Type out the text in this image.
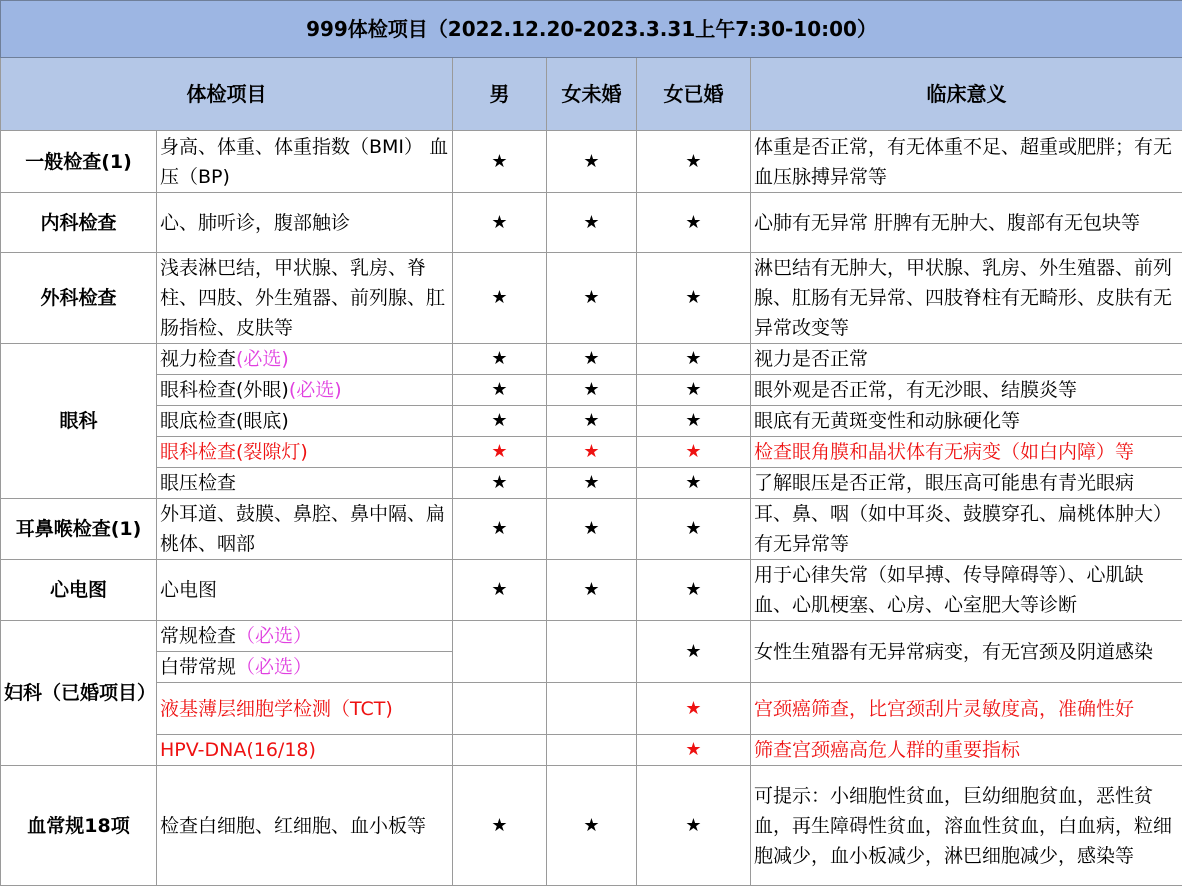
999体检项目（2022.12.20-2023.3.31上午7:30-10:00）					
体检项目		男	女未婚	女已婚	临床意义
一般检查(1)	身高、体重、体重指数（BMI） 血压（BP)	★	★	★	体重是否正常，有无体重不足、超重或肥胖；有无血压脉搏异常等
内科检查	心、肺听诊，腹部触诊	★	★	★	心肺有无异常 肝脾有无肿大、腹部有无包块等
外科检查	浅表淋巴结，甲状腺、乳房、脊柱、四肢、外生殖器、前列腺、肛肠指检、皮肤等	★	★	★	淋巴结有无肿大，甲状腺、乳房、外生殖器、前列腺、肛肠有无异常、四肢脊柱有无畸形、皮肤有无异常改变等
眼科	视力检查(必选)	★	★	★	视力是否正常
	眼科检查(外眼)(必选)	★	★	★	眼外观是否正常，有无沙眼、结膜炎等
	眼底检查(眼底)	★	★	★	眼底有无黄斑变性和动脉硬化等
	眼科检查(裂隙灯)	★	★	★	检查眼角膜和晶状体有无病变（如白内障）等
	眼压检查	★	★	★	了解眼压是否正常，眼压高可能患有青光眼病
耳鼻喉检查(1)	外耳道、鼓膜、鼻腔、鼻中隔、扁桃体、咽部	★	★	★	耳、鼻、咽（如中耳炎、鼓膜穿孔、扁桃体肿大）有无异常等
心电图	心电图	★	★	★	用于心律失常（如早搏、传导障碍等）、心肌缺血、心肌梗塞、心房、心室肥大等诊断
妇科（已婚项目）	常规检查（必选）			★	女性生殖器有无异常病变，有无宫颈及阴道感染
	白带常规（必选）				
	液基薄层细胞学检测（TCT)			★	宫颈癌筛查，比宫颈刮片灵敏度高，准确性好
	HPV-DNA(16/18)			★	筛查宫颈癌高危人群的重要指标
血常规18项	检查白细胞、红细胞、血小板等	★	★	★	可提示：小细胞性贫血，巨幼细胞贫血，恶性贫血，再生障碍性贫血，溶血性贫血，白血病，粒细胞减少，血小板减少，淋巴细胞减少，感染等
